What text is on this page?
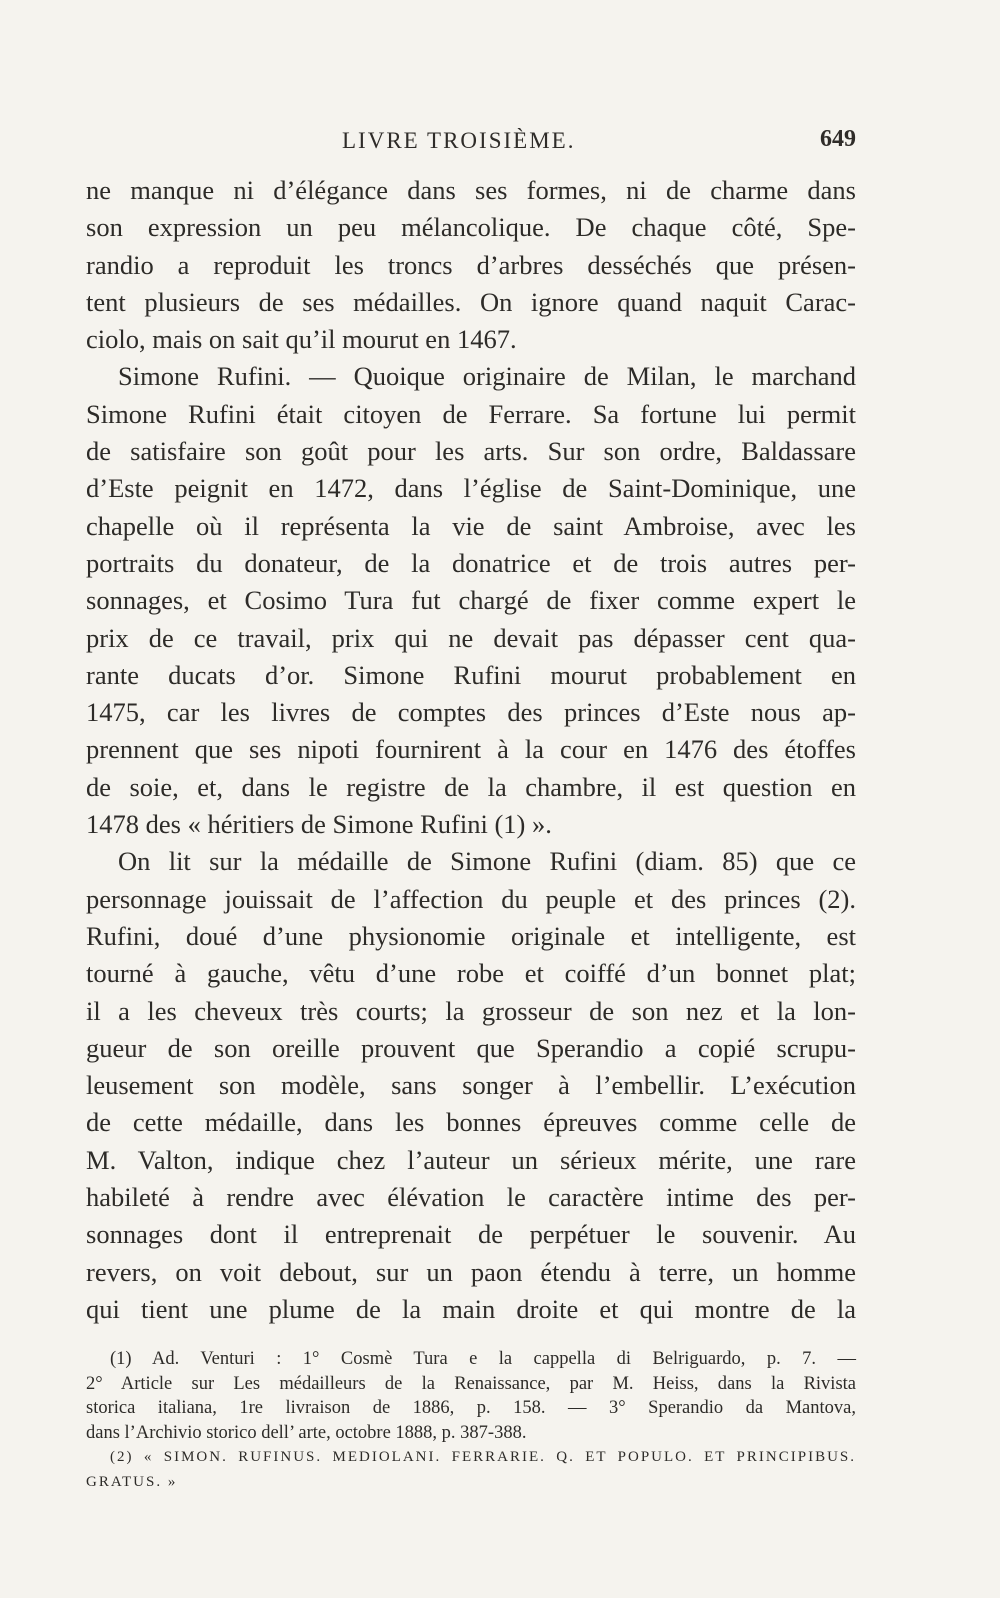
LIVRE TROISIÈME.	649
ne manque ni d’élégance dans ses formes, ni de charme dans
son expression un peu mélancolique. De chaque côté, Spe-
randio a reproduit les troncs d’arbres desséchés que présen-
tent plusieurs de ses médailles. On ignore quand naquit Carac-
ciolo, mais on sait qu’il mourut en 1467.
Simone Rufini. — Quoique originaire de Milan, le marchand
Simone Rufini était citoyen de Ferrare. Sa fortune lui permit
de satisfaire son goût pour les arts. Sur son ordre, Baldassare
d’Este peignit en 1472, dans l’église de Saint-Dominique, une
chapelle où il représenta la vie de saint Ambroise, avec les
portraits du donateur, de la donatrice et de trois autres per-
sonnages, et Cosimo Tura fut chargé de fixer comme expert le
prix de ce travail, prix qui ne devait pas dépasser cent qua-
rante ducats d’or. Simone Rufini mourut probablement en
1475, car les livres de comptes des princes d’Este nous ap-
prennent que ses nipoti fournirent à la cour en 1476 des étoffes
de soie, et, dans le registre de la chambre, il est question en
1478 des « héritiers de Simone Rufini (1) ».
On lit sur la médaille de Simone Rufini (diam. 85) que ce
personnage jouissait de l’affection du peuple et des princes (2).
Rufini, doué d’une physionomie originale et intelligente, est
tourné à gauche, vêtu d’une robe et coiffé d’un bonnet plat;
il a les cheveux très courts; la grosseur de son nez et la lon-
gueur de son oreille prouvent que Sperandio a copié scrupu-
leusement son modèle, sans songer à l’embellir. L’exécution
de cette médaille, dans les bonnes épreuves comme celle de
M. Valton, indique chez l’auteur un sérieux mérite, une rare
habileté à rendre avec élévation le caractère intime des per-
sonnages dont il entreprenait de perpétuer le souvenir. Au
revers, on voit debout, sur un paon étendu à terre, un homme
qui tient une plume de la main droite et qui montre de la
(1) Ad. Venturi : 1° Cosmè Tura e la cappella di Belriguardo, p. 7. —
2° Article sur Les médailleurs de la Renaissance, par M. Heiss, dans la Rivista
storica italiana, 1re livraison de 1886, p. 158. — 3° Sperandio da Mantova,
dans l’Archivio storico dell’ arte, octobre 1888, p. 387-388.
(2) « SIMON. RUFINUS. MEDIOLANI. FERRARIE. Q. ET POPULO. ET PRINCIPIBUS.
GRATUS. »
